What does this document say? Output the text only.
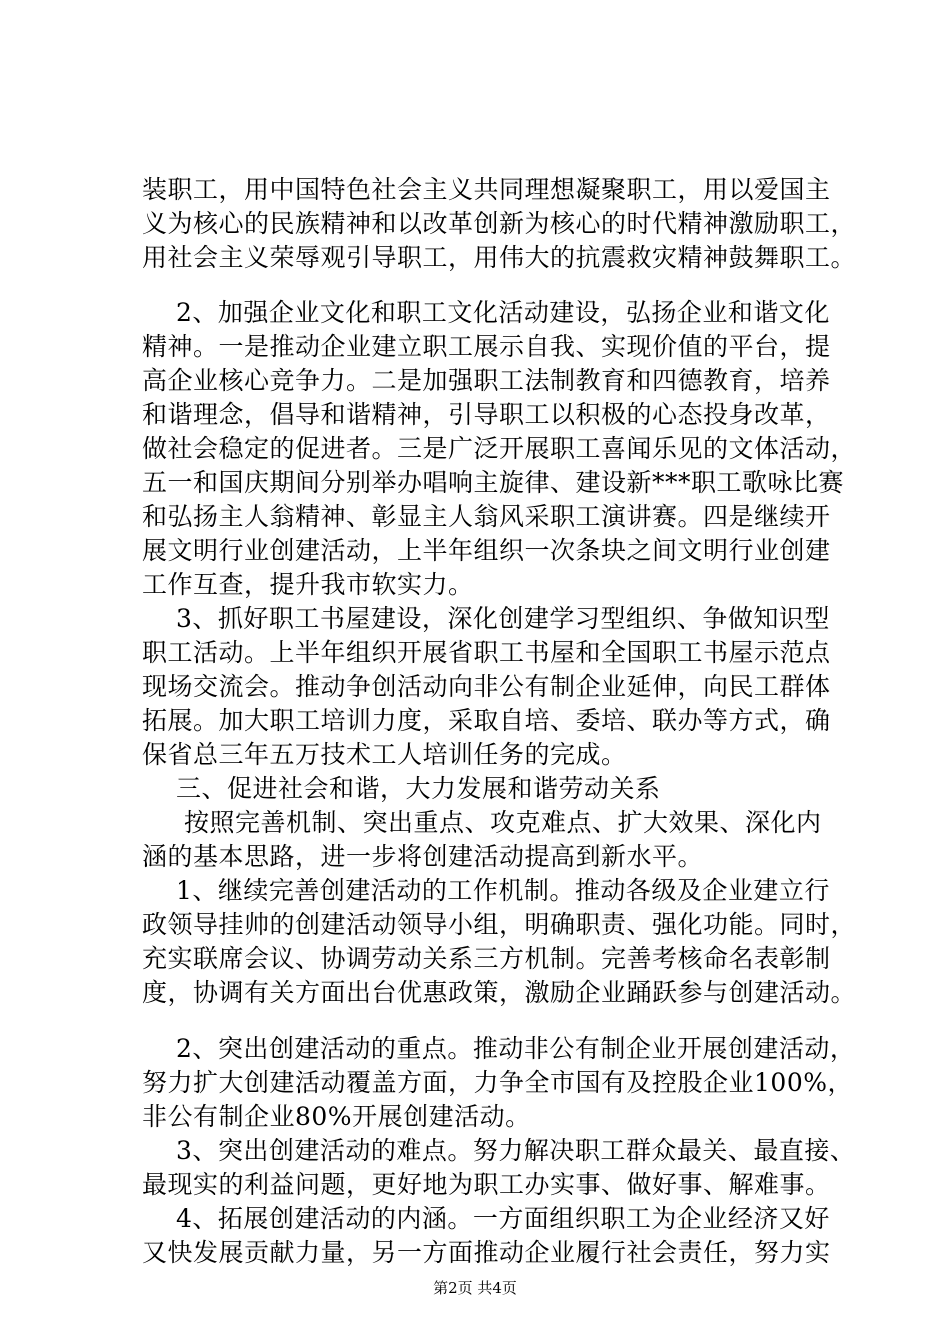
装职工，用中国特色社会主义共同理想凝聚职工，用以爱国主
义为核心的民族精神和以改革创新为核心的时代精神激励职工，
用社会主义荣辱观引导职工，用伟大的抗震救灾精神鼓舞职工。
2、加强企业文化和职工文化活动建设，弘扬企业和谐文化
精神。一是推动企业建立职工展示自我、实现价值的平台，提
高企业核心竞争力。二是加强职工法制教育和四德教育，培养
和谐理念，倡导和谐精神，引导职工以积极的心态投身改革，
做社会稳定的促进者。三是广泛开展职工喜闻乐见的文体活动，
五一和国庆期间分别举办唱响主旋律、建设新***职工歌咏比赛
和弘扬主人翁精神、彰显主人翁风采职工演讲赛。四是继续开
展文明行业创建活动，上半年组织一次条块之间文明行业创建
工作互查，提升我市软实力。
3、抓好职工书屋建设，深化创建学习型组织、争做知识型
职工活动。上半年组织开展省职工书屋和全国职工书屋示范点
现场交流会。推动争创活动向非公有制企业延伸，向民工群体
拓展。加大职工培训力度，采取自培、委培、联办等方式，确
保省总三年五万技术工人培训任务的完成。
三、促进社会和谐，大力发展和谐劳动关系
按照完善机制、突出重点、攻克难点、扩大效果、深化内
涵的基本思路，进一步将创建活动提高到新水平。
1、继续完善创建活动的工作机制。推动各级及企业建立行
政领导挂帅的创建活动领导小组，明确职责、强化功能。同时，
充实联席会议、协调劳动关系三方机制。完善考核命名表彰制
度，协调有关方面出台优惠政策，激励企业踊跃参与创建活动。
2、突出创建活动的重点。推动非公有制企业开展创建活动，
努力扩大创建活动覆盖方面，力争全市国有及控股企业100%，
非公有制企业80%开展创建活动。
3、突出创建活动的难点。努力解决职工群众最关、最直接、
最现实的利益问题，更好地为职工办实事、做好事、解难事。
4、拓展创建活动的内涵。一方面组织职工为企业经济又好
又快发展贡献力量，另一方面推动企业履行社会责任，努力实
第2页 共4页
